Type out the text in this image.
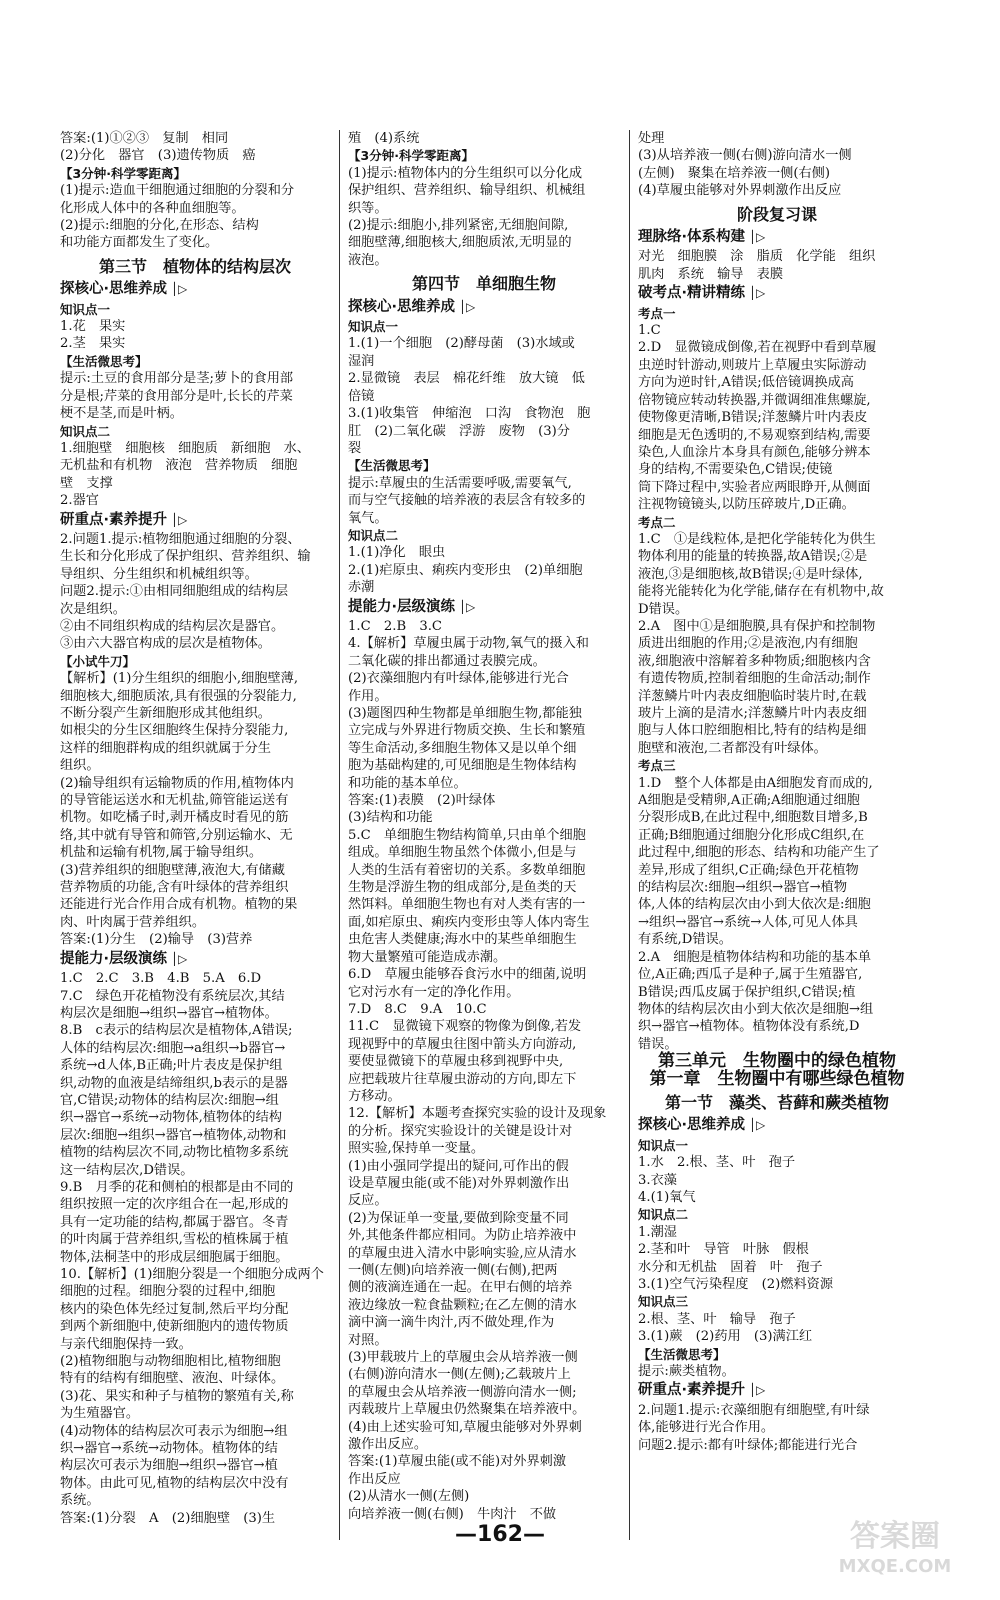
答案:(1)①②③　复制　相同
(2)分化　器官　(3)遗传物质　癌
【3分钟·科学零距离】
(1)提示:造血干细胞通过细胞的分裂和分
化形成人体中的各种血细胞等。
(2)提示:细胞的分化,在形态、结构
和功能方面都发生了变化。
第三节　植物体的结构层次
探核心·思维养成 │▷
知识点一
1.花　果实
2.茎　果实
【生活微思考】
提示:土豆的食用部分是茎;萝卜的食用部
分是根;芹菜的食用部分是叶,长长的芹菜
梗不是茎,而是叶柄。
知识点二
1.细胞壁　细胞核　细胞质　新细胞　水、
无机盐和有机物　液泡　营养物质　细胞
壁　支撑
2.器官
研重点·素养提升 │▷
2.问题1.提示:植物细胞通过细胞的分裂、
生长和分化形成了保护组织、营养组织、输
导组织、分生组织和机械组织等。
问题2.提示:①由相同细胞组成的结构层
次是组织。
②由不同组织构成的结构层次是器官。
③由六大器官构成的层次是植物体。
【小试牛刀】
【解析】(1)分生组织的细胞小,细胞壁薄,
细胞核大,细胞质浓,具有很强的分裂能力,
不断分裂产生新细胞形成其他组织。
如根尖的分生区细胞终生保持分裂能力,
这样的细胞群构成的组织就属于分生
组织。
(2)输导组织有运输物质的作用,植物体内
的导管能运送水和无机盐,筛管能运送有
机物。如吃橘子时,剥开橘皮时看见的筋
络,其中就有导管和筛管,分别运输水、无
机盐和运输有机物,属于输导组织。
(3)营养组织的细胞壁薄,液泡大,有储藏
营养物质的功能,含有叶绿体的营养组织
还能进行光合作用合成有机物。植物的果
肉、叶肉属于营养组织。
答案:(1)分生　(2)输导　(3)营养
提能力·层级演练 │▷
1.C　2.C　3.B　4.B　5.A　6.D
7.C　绿色开花植物没有系统层次,其结
构层次是细胞→组织→器官→植物体。
8.B　c表示的结构层次是植物体,A错误;
人体的结构层次:细胞→a组织→b器官→
系统→d人体,B正确;叶片表皮是保护组
织,动物的血液是结缔组织,b表示的是器
官,C错误;动物体的结构层次:细胞→组
织→器官→系统→动物体,植物体的结构
层次:细胞→组织→器官→植物体,动物和
植物的结构层次不同,动物比植物多系统
这一结构层次,D错误。
9.B　月季的花和侧柏的根都是由不同的
组织按照一定的次序组合在一起,形成的
具有一定功能的结构,都属于器官。冬青
的叶肉属于营养组织,雪松的植株属于植
物体,法桐茎中的形成层细胞属于细胞。
10.【解析】(1)细胞分裂是一个细胞分成两个
细胞的过程。细胞分裂的过程中,细胞
核内的染色体先经过复制,然后平均分配
到两个新细胞中,使新细胞内的遗传物质
与亲代细胞保持一致。
(2)植物细胞与动物细胞相比,植物细胞
特有的结构有细胞壁、液泡、叶绿体。
(3)花、果实和种子与植物的繁殖有关,称
为生殖器官。
(4)动物体的结构层次可表示为细胞→组
织→器官→系统→动物体。植物体的结
构层次可表示为细胞→组织→器官→植
物体。由此可见,植物的结构层次中没有
系统。
答案:(1)分裂　A　(2)细胞壁　(3)生
殖　(4)系统
【3分钟·科学零距离】
(1)提示:植物体内的分生组织可以分化成
保护组织、营养组织、输导组织、机械组
织等。
(2)提示:细胞小,排列紧密,无细胞间隙,
细胞壁薄,细胞核大,细胞质浓,无明显的
液泡。
第四节　单细胞生物
探核心·思维养成 │▷
知识点一
1.(1)一个细胞　(2)酵母菌　(3)水域或
湿润
2.显微镜　表层　棉花纤维　放大镜　低
倍镜
3.(1)收集管　伸缩泡　口沟　食物泡　胞
肛　(2)二氧化碳　浮游　废物　(3)分
裂
【生活微思考】
提示:草履虫的生活需要呼吸,需要氧气,
而与空气接触的培养液的表层含有较多的
氧气。
知识点二
1.(1)净化　眼虫
2.(1)疟原虫、痢疾内变形虫　(2)单细胞
赤潮
提能力·层级演练 │▷
1.C　2.B　3.C
4.【解析】草履虫属于动物,氧气的摄入和
二氧化碳的排出都通过表膜完成。
(2)衣藻细胞内有叶绿体,能够进行光合
作用。
(3)题图四种生物都是单细胞生物,都能独
立完成与外界进行物质交换、生长和繁殖
等生命活动,多细胞生物体又是以单个细
胞为基础构建的,可见细胞是生物体结构
和功能的基本单位。
答案:(1)表膜　(2)叶绿体
(3)结构和功能
5.C　单细胞生物结构简单,只由单个细胞
组成。单细胞生物虽然个体微小,但是与
人类的生活有着密切的关系。多数单细胞
生物是浮游生物的组成部分,是鱼类的天
然饵料。单细胞生物也有对人类有害的一
面,如疟原虫、痢疾内变形虫等人体内寄生
虫危害人类健康;海水中的某些单细胞生
物大量繁殖可能造成赤潮。
6.D　草履虫能够吞食污水中的细菌,说明
它对污水有一定的净化作用。
7.D　8.C　9.A　10.C
11.C　显微镜下观察的物像为倒像,若发
现视野中的草履虫往图中箭头方向游动,
要使显微镜下的草履虫移到视野中央,
应把载玻片往草履虫游动的方向,即左下
方移动。
12.【解析】本题考查探究实验的设计及现象
的分析。探究实验设计的关键是设计对
照实验,保持单一变量。
(1)由小强同学提出的疑问,可作出的假
设是草履虫能(或不能)对外界刺激作出
反应。
(2)为保证单一变量,要做到除变量不同
外,其他条件都应相同。为防止培养液中
的草履虫进入清水中影响实验,应从清水
一侧(左侧)向培养液一侧(右侧),把两
侧的液滴连通在一起。在甲右侧的培养
液边缘放一粒食盐颗粒;在乙左侧的清水
滴中滴一滴牛肉汁,丙不做处理,作为
对照。
(3)甲载玻片上的草履虫会从培养液一侧
(右侧)游向清水一侧(左侧);乙载玻片上
的草履虫会从培养液一侧游向清水一侧;
丙载玻片上草履虫仍然聚集在培养液中。
(4)由上述实验可知,草履虫能够对外界刺
激作出反应。
答案:(1)草履虫能(或不能)对外界刺激
作出反应
(2)从清水一侧(左侧)
向培养液一侧(右侧)　牛肉汁　不做
处理
(3)从培养液一侧(右侧)游向清水一侧
(左侧)　聚集在培养液一侧(右侧)
(4)草履虫能够对外界刺激作出反应
阶段复习课
理脉络·体系构建 │▷
对光　细胞膜　涂　脂质　化学能　组织
肌肉　系统　输导　表膜
破考点·精讲精练 │▷
考点一
1.C
2.D　显微镜成倒像,若在视野中看到草履
虫逆时针游动,则玻片上草履虫实际游动
方向为逆时针,A错误;低倍镜调换成高
倍物镜应转动转换器,并微调细准焦螺旋,
使物像更清晰,B错误;洋葱鳞片叶内表皮
细胞是无色透明的,不易观察到结构,需要
染色,人血涂片本身具有颜色,能够分辨本
身的结构,不需要染色,C错误;使镜
筒下降过程中,实验者应两眼睁开,从侧面
注视物镜镜头,以防压碎玻片,D正确。
考点二
1.C　①是线粒体,是把化学能转化为供生
物体利用的能量的转换器,故A错误;②是
液泡,③是细胞核,故B错误;④是叶绿体,
能将光能转化为化学能,储存在有机物中,故
D错误。
2.A　图中①是细胞膜,具有保护和控制物
质进出细胞的作用;②是液泡,内有细胞
液,细胞液中溶解着多种物质;细胞核内含
有遗传物质,控制着细胞的生命活动;制作
洋葱鳞片叶内表皮细胞临时装片时,在载
玻片上滴的是清水;洋葱鳞片叶内表皮细
胞与人体口腔细胞相比,特有的结构是细
胞壁和液泡,二者都没有叶绿体。
考点三
1.D　整个人体都是由A细胞发育而成的,
A细胞是受精卵,A正确;A细胞通过细胞
分裂形成B,在此过程中,细胞数目增多,B
正确;B细胞通过细胞分化形成C组织,在
此过程中,细胞的形态、结构和功能产生了
差异,形成了组织,C正确;绿色开花植物
的结构层次:细胞→组织→器官→植物
体,人体的结构层次由小到大依次是:细胞
→组织→器官→系统→人体,可见人体具
有系统,D错误。
2.A　细胞是植物体结构和功能的基本单
位,A正确;西瓜子是种子,属于生殖器官,
B错误;西瓜皮属于保护组织,C错误;植
物体的结构层次由小到大依次是细胞→组
织→器官→植物体。植物体没有系统,D
错误。
第三单元　生物圈中的绿色植物
第一章　生物圈中有哪些绿色植物
第一节　藻类、苔藓和蕨类植物
探核心·思维养成 │▷
知识点一
1.水　2.根、茎、叶　孢子
3.衣藻
4.(1)氧气
知识点二
1.潮湿
2.茎和叶　导管　叶脉　假根
水分和无机盐　固着　叶　孢子
3.(1)空气污染程度　(2)燃料资源
知识点三
2.根、茎、叶　输导　孢子
3.(1)蕨　(2)药用　(3)满江红
【生活微思考】
提示:蕨类植物。
研重点·素养提升 │▷
2.问题1.提示:衣藻细胞有细胞壁,有叶绿
体,能够进行光合作用。
问题2.提示:都有叶绿体;都能进行光合
—162—	答案圈
MXQE.COM
